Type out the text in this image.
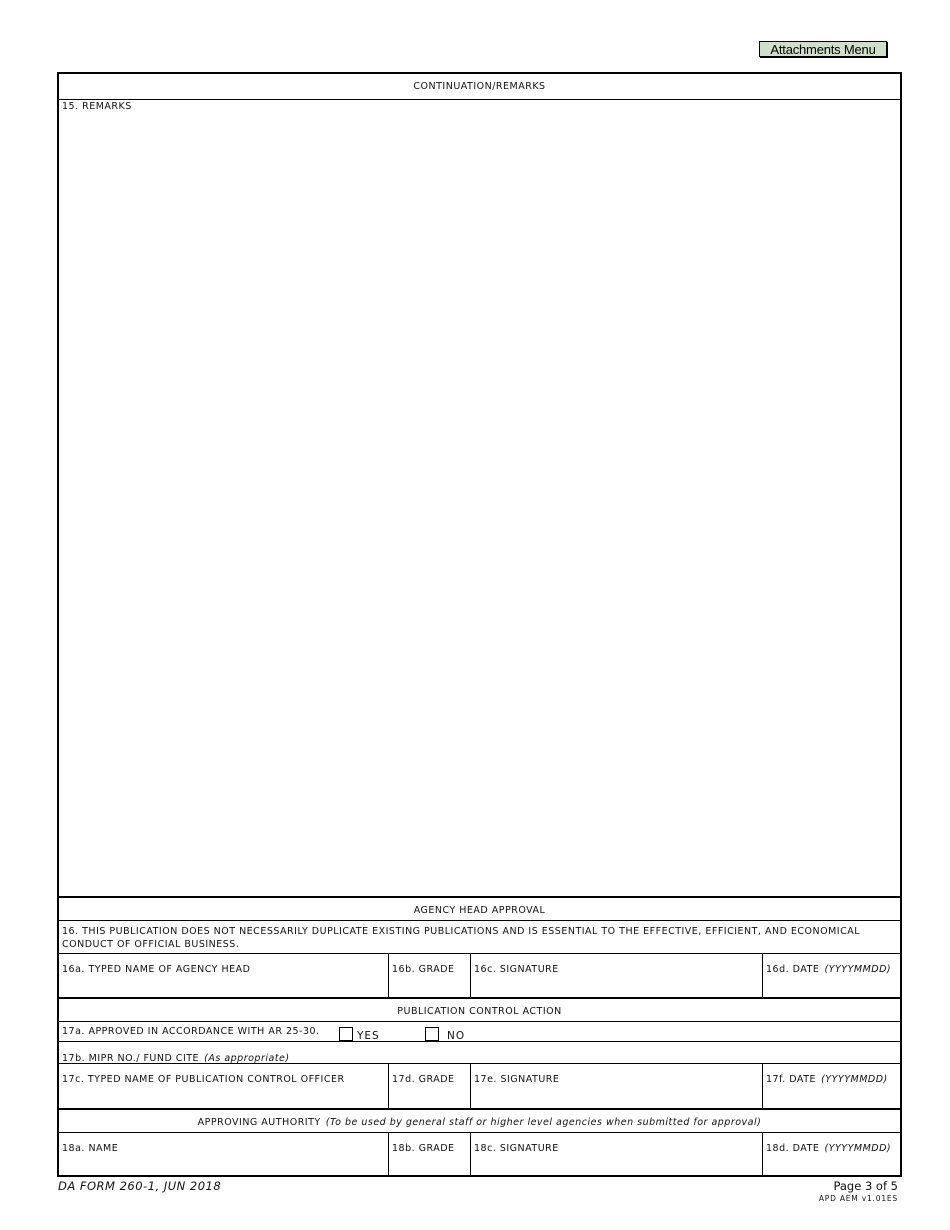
Attachments Menu
CONTINUATION/REMARKS
15. REMARKS
AGENCY HEAD APPROVAL
16. THIS PUBLICATION DOES NOT NECESSARILY DUPLICATE EXISTING PUBLICATIONS AND IS ESSENTIAL TO THE EFFECTIVE, EFFICIENT, AND ECONOMICAL CONDUCT OF OFFICIAL BUSINESS.
16a. TYPED NAME OF AGENCY HEAD	16b. GRADE	16c. SIGNATURE	16d. DATE (YYYYMMDD)
PUBLICATION CONTROL ACTION
17a. APPROVED IN ACCORDANCE WITH AR 25-30.	YES	NO
17b. MIPR NO./ FUND CITE (As appropriate)
17c. TYPED NAME OF PUBLICATION CONTROL OFFICER	17d. GRADE	17e. SIGNATURE	17f. DATE (YYYYMMDD)
APPROVING AUTHORITY (To be used by general staff or higher level agencies when submitted for approval)
18a. NAME	18b. GRADE	18c. SIGNATURE	18d. DATE (YYYYMMDD)
DA FORM 260-1, JUN 2018	Page 3 of 5
APD AEM v1.01ES
